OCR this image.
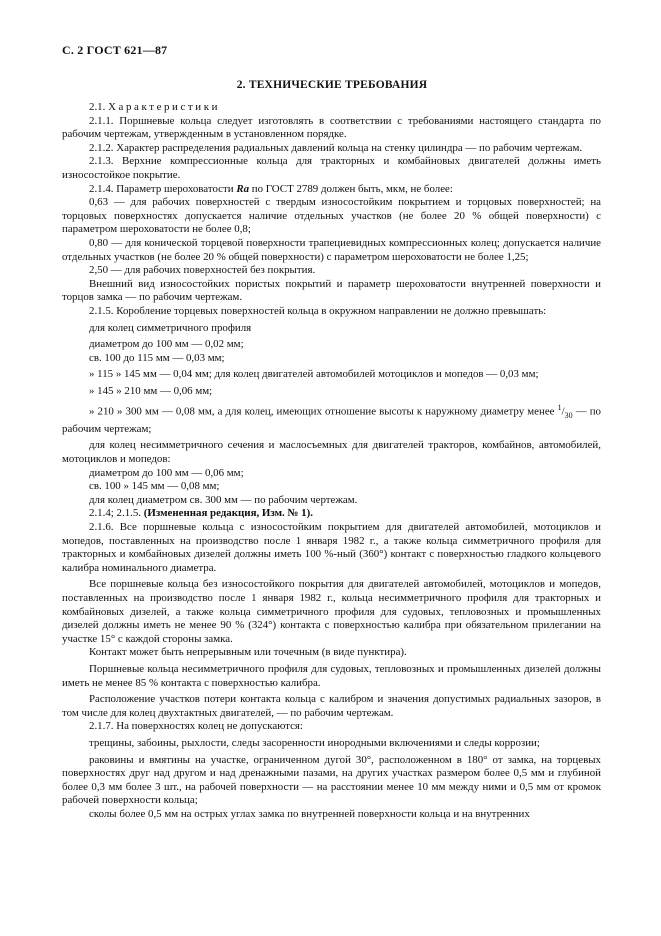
С. 2 ГОСТ 621—87
2. ТЕХНИЧЕСКИЕ ТРЕБОВАНИЯ

2.1. Характеристики

2.1.1. Поршневые кольца следует изготовлять в соответствии с требованиями настоящего стандарта по рабочим чертежам, утвержденным в установленном порядке.

2.1.2. Характер распределения радиальных давлений кольца на стенку цилиндра — по рабочим чертежам.

2.1.3. Верхние компрессионные кольца для тракторных и комбайновых двигателей должны иметь износостойкое покрытие.

2.1.4. Параметр шероховатости Ra по ГОСТ 2789 должен быть, мкм, не более:

0,63 — для рабочих поверхностей с твердым износостойким покрытием и торцовых поверхностей; на торцовых поверхностях допускается наличие отдельных участков (не более 20 % общей поверхности) с параметром шероховатости не более 0,8;

0,80 — для конической торцевой поверхности трапециевидных компрессионных колец; допускается наличие отдельных участков (не более 20 % общей поверхности) с параметром шероховатости не более 1,25;

2,50 — для рабочих поверхностей без покрытия.

Внешний вид износостойких пористых покрытий и параметр шероховатости внутренней поверхности и торцов замка — по рабочим чертежам.

2.1.5. Коробление торцевых поверхностей кольца в окружном направлении не должно превышать:

для колец симметричного профиля

диаметром до 100 мм — 0,02 мм;

св. 100 до 115 мм — 0,03 мм;

» 115 » 145 мм — 0,04 мм; для колец двигателей автомобилей мотоциклов и мопедов — 0,03 мм;

» 145 » 210 мм — 0,06 мм;

» 210 » 300 мм — 0,08 мм, а для колец, имеющих отношение высоты к наружному диаметру менее $^1/_{30}$ — по рабочим чертежам;

для колец несимметричного сечения и маслосъемных для двигателей тракторов, комбайнов, автомобилей, мотоциклов и мопедов:

диаметром до 100 мм — 0,06 мм;

св. 100 » 145 мм — 0,08 мм;

для колец диаметром св. 300 мм — по рабочим чертежам.

2.1.4; 2.1.5. (Измененная редакция, Изм. № 1).

2.1.6. Все поршневые кольца с износостойким покрытием для двигателей автомобилей, мотоциклов и мопедов, поставленных на производство после 1 января 1982 г., а также кольца симметричного профиля для тракторных и комбайновых дизелей должны иметь 100 %-ный (360°) контакт с поверхностью гладкого кольцевого калибра номинального диаметра.

Все поршневые кольца без износостойкого покрытия для двигателей автомобилей, мотоциклов и мопедов, поставленных на производство после 1 января 1982 г., кольца несимметричного профиля для тракторных и комбайновых дизелей, а также кольца симметричного профиля для судовых, тепловозных и промышленных дизелей должны иметь не менее 90 % (324°) контакта с поверхностью калибра при обязательном прилегании на участке 15° с каждой стороны замка.

Контакт может быть непрерывным или точечным (в виде пунктира).

Поршневые кольца несимметричного профиля для судовых, тепловозных и промышленных дизелей должны иметь не менее 85 % контакта с поверхностью калибра.

Расположение участков потери контакта кольца с калибром и значения допустимых радиальных зазоров, в том числе для колец двухтактных двигателей, — по рабочим чертежам.

2.1.7. На поверхностях колец не допускаются:

трещины, забоины, рыхлости, следы засоренности инородными включениями и следы коррозии;

раковины и вмятины на участке, ограниченном дугой 30°, расположенном в 180° от замка, на торцевых поверхностях друг над другом и над дренажными пазами, на других участках размером более 0,5 мм и глубиной более 0,3 мм более 3 шт., на рабочей поверхности — на расстоянии менее 10 мм между ними и 0,5 мм от кромок рабочей поверхности кольца;

сколы более 0,5 мм на острых углах замка по внутренней поверхности кольца и на внутренних
